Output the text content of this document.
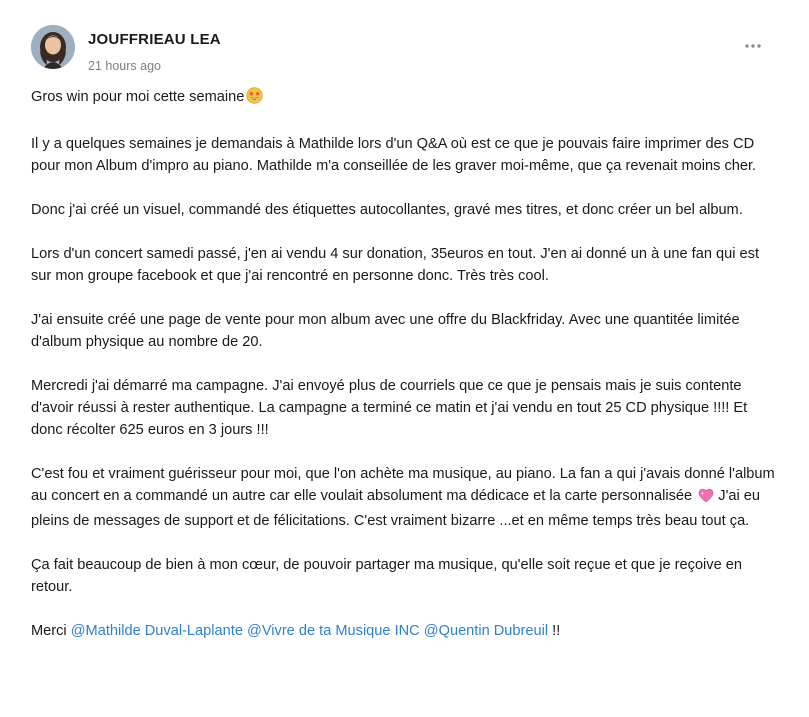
JOUFFRIEAU LEA
21 hours ago

Gros win pour moi cette semaine

Il y a quelques semaines je demandais à Mathilde lors d'un Q&A où est ce que je pouvais faire imprimer des CD pour mon Album d'impro au piano. Mathilde m'a conseillée de les graver moi-même, que ça revenait moins cher.

Donc j'ai créé un visuel, commandé des étiquettes autocollantes, gravé mes titres, et donc créer un bel album.

Lors d'un concert samedi passé, j'en ai vendu 4 sur donation, 35euros en tout. J'en ai donné un à une fan qui est sur mon groupe facebook et que j'ai rencontré en personne donc. Très très cool.

J'ai ensuite créé une page de vente pour mon album avec une offre du Blackfriday. Avec une quantitée limitée d'album physique au nombre de 20.

Mercredi j'ai démarré ma campagne. J'ai envoyé plus de courriels que ce que je pensais mais je suis contente d'avoir réussi à rester authentique. La campagne a terminé ce matin et j'ai vendu en tout 25 CD physique !!!! Et donc récolter 625 euros en 3 jours !!!

C'est fou et vraiment guérisseur pour moi, que l'on achète ma musique, au piano. La fan a qui j'avais donné l'album au concert en a commandé un autre car elle voulait absolument ma dédicace et la carte personnalisée  J'ai eu pleins de messages de support et de félicitations. C'est vraiment bizarre ...et en même temps très beau tout ça.

Ça fait beaucoup de bien à mon cœur, de pouvoir partager ma musique, qu'elle soit reçue et que je reçoive en retour.

Merci @Mathilde Duval-Laplante @Vivre de ta Musique INC @Quentin Dubreuil !!
